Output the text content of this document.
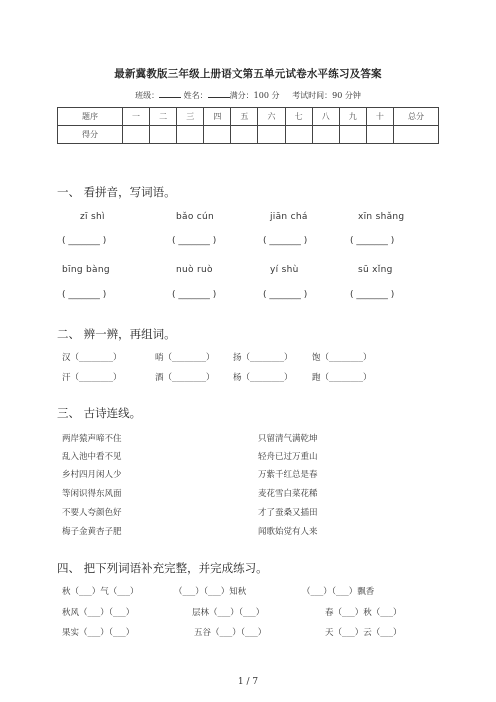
最新冀教版三年级上册语文第五单元试卷水平练习及答案
班级：	姓名：	满分：100 分 考试时间：90 分钟
题序	一	二	三	四	五	六	七	八	九	十	总分
得分											
一、 看拼音，写词语。
zī shì	bǎo cún	jiān chá	xīn shǎng
( _______ )	( _______ )	( _______ )	( _______ )
bīng bàng	nuò ruò	yí shù	sū xǐng
( _______ )	( _______ )	( _______ )	( _______ )
二、 辨一辨，再组词。
汉（________）	哨（________） 扬（________） 饱（________）
汗（________）	酒（________） 杨（________） 跑（________）
三、 古诗连线。
两岸猿声啼不住
乱入池中看不见
乡村四月闲人少
等闲识得东风面
不要人夸颜色好
梅子金黄杏子肥
只留清气满乾坤
轻舟已过万重山
万紫千红总是春
麦花雪白菜花稀
才了蚕桑又插田
闻歌始觉有人来
四、 把下列词语补充完整，并完成练习。
秋（___）气（___）	（___）（___）知秋	（___）（___）飘香
秋风（___）（___）	层林（___）（___）	春（___）秋（___）
果实（___）（___）	五谷（___）（___）	天（___）云（___）
1 / 7
